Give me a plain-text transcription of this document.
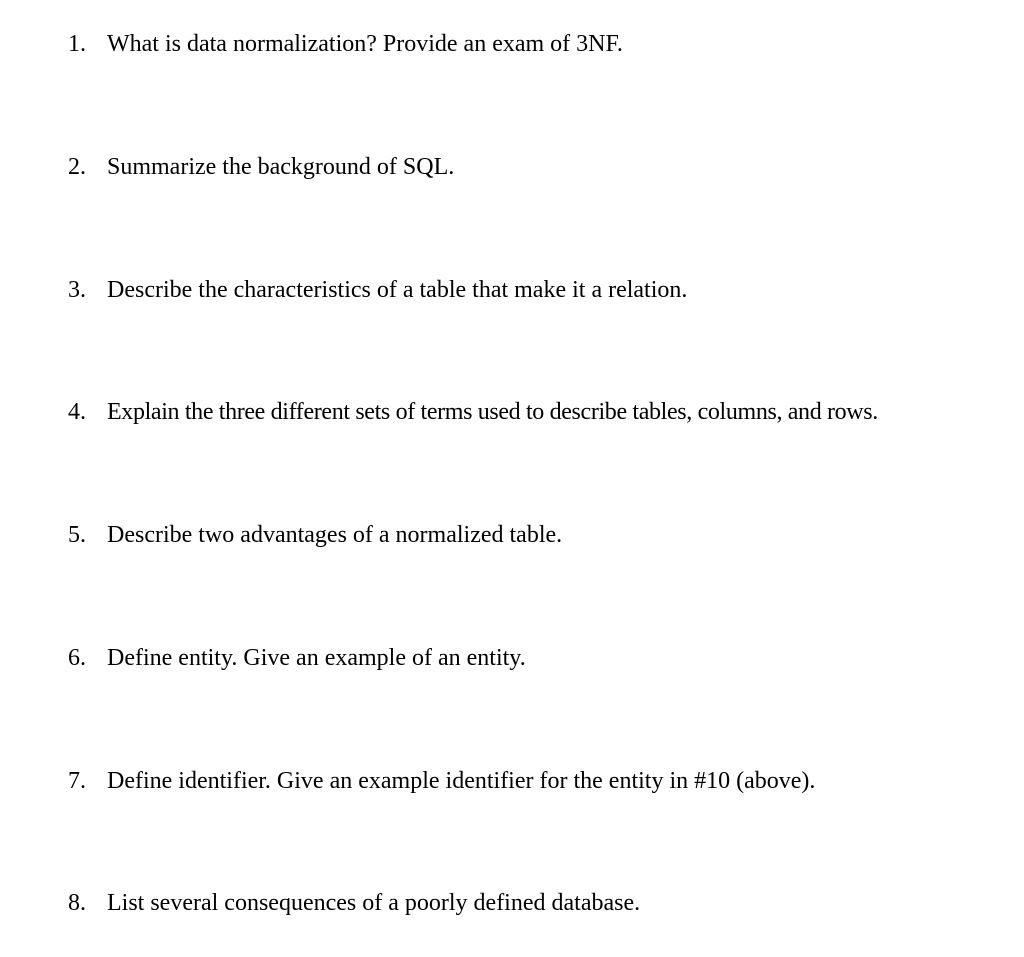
1. What is data normalization? Provide an exam of 3NF.
2. Summarize the background of SQL.
3. Describe the characteristics of a table that make it a relation.
4. Explain the three different sets of terms used to describe tables, columns, and rows.
5. Describe two advantages of a normalized table.
6. Define entity. Give an example of an entity.
7. Define identifier. Give an example identifier for the entity in #10 (above).
8. List several consequences of a poorly defined database.
